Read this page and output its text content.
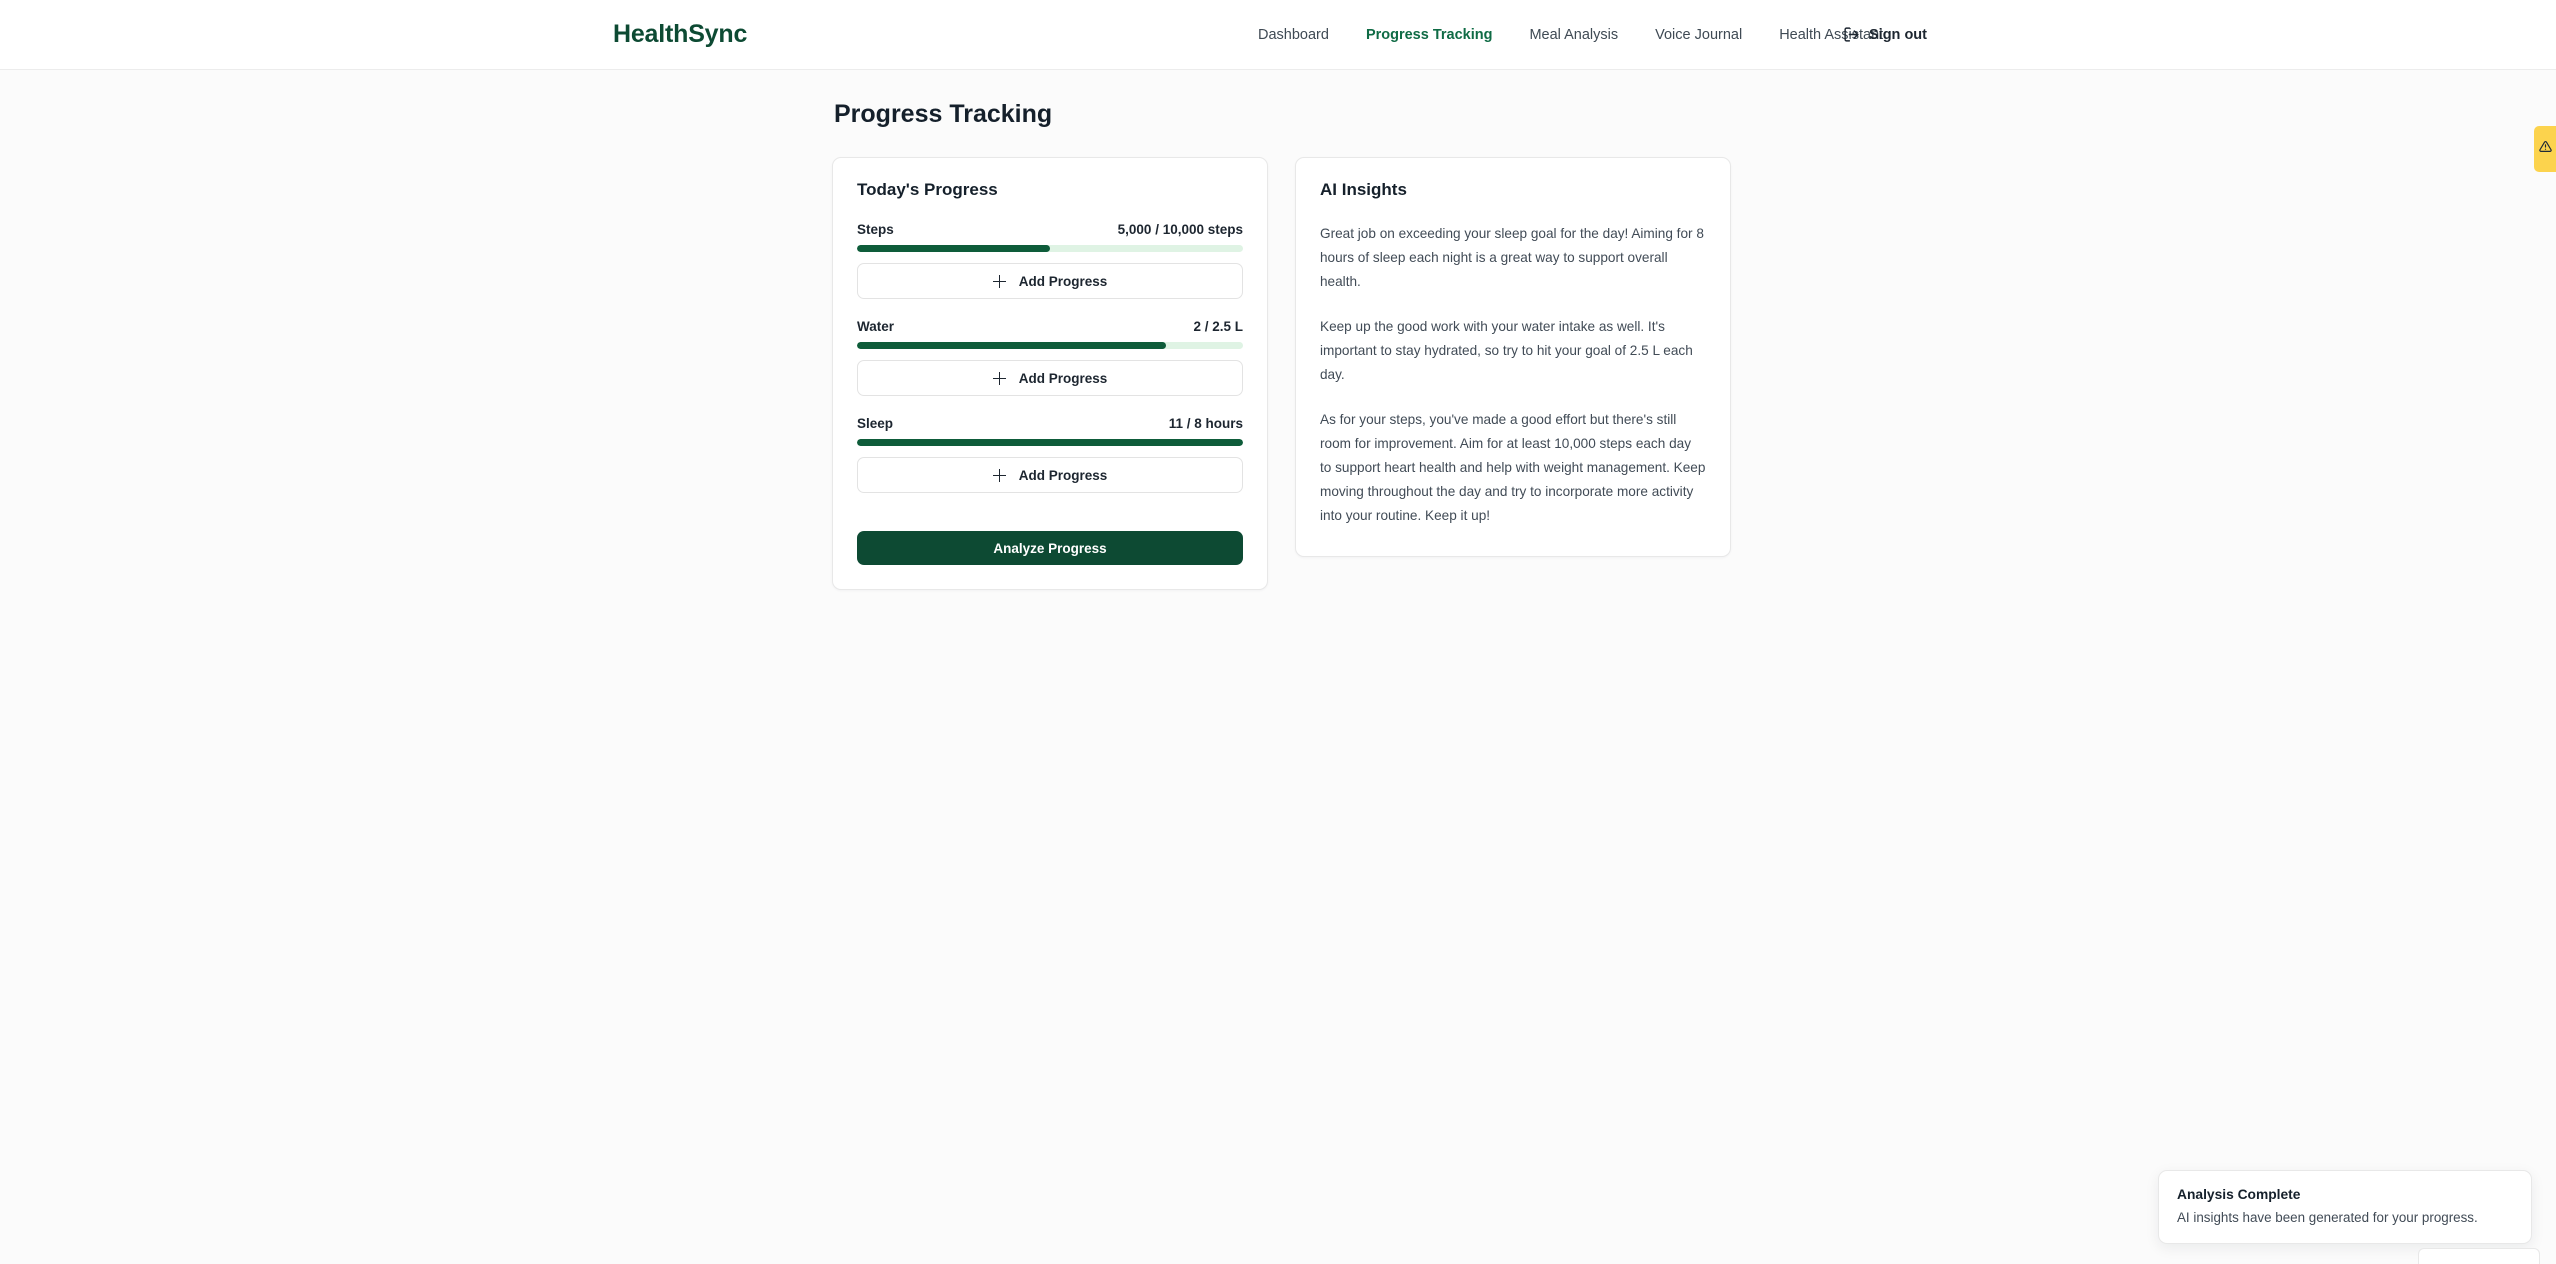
HealthSync	Dashboard	Progress Tracking	Meal Analysis	Voice Journal	Health Assistant
Sign out
Progress Tracking
Today's Progress
Steps	5,000 / 10,000 steps
Add Progress
Water	2 / 2.5 L
Add Progress
Sleep	11 / 8 hours
Add Progress
Analyze Progress
AI Insights

Great job on exceeding your sleep goal for the day! Aiming for 8 hours of sleep each night is a great way to support overall health.

Keep up the good work with your water intake as well. It's important to stay hydrated, so try to hit your goal of 2.5 L each day.

As for your steps, you've made a good effort but there's still room for improvement. Aim for at least 10,000 steps each day to support heart health and help with weight management. Keep moving throughout the day and try to incorporate more activity into your routine. Keep it up!

Analysis Complete
AI insights have been generated for your progress.
